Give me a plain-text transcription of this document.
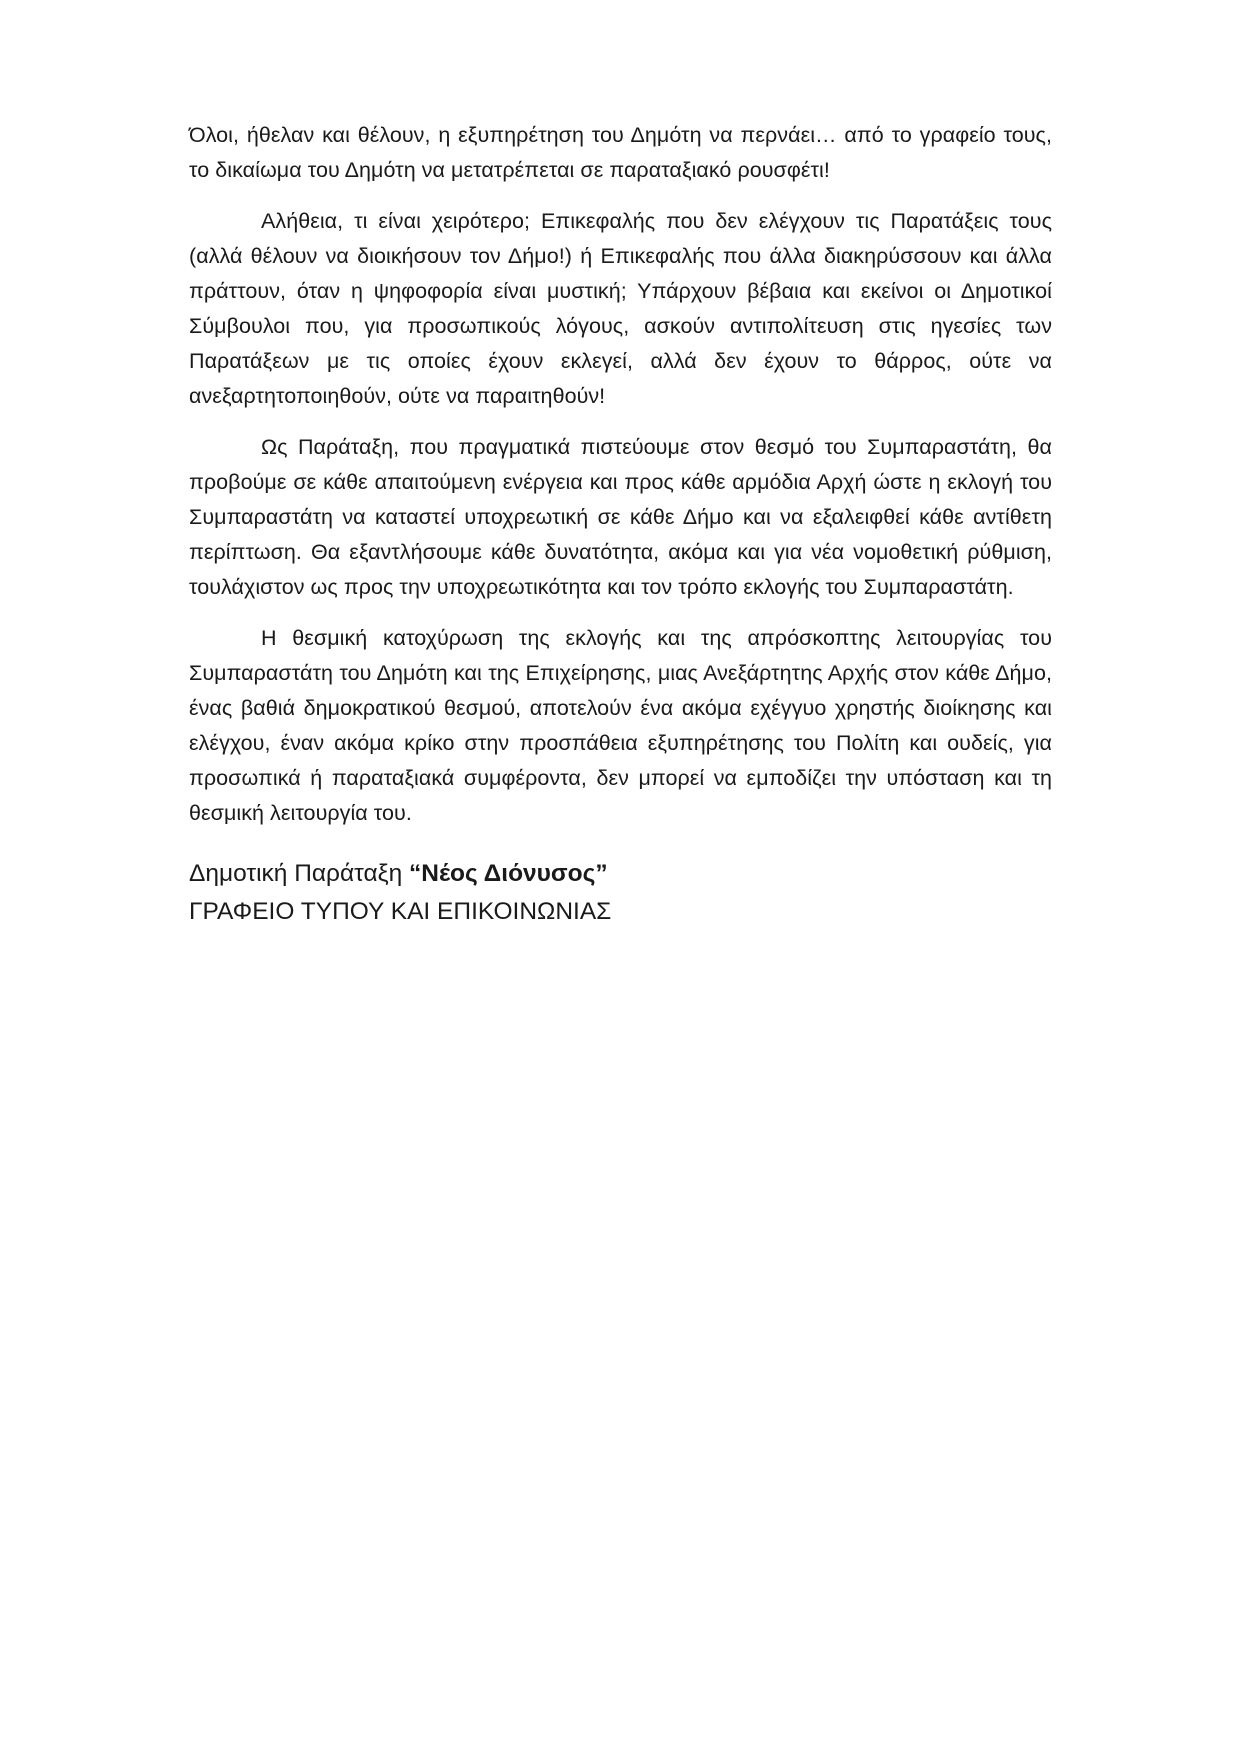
Όλοι, ήθελαν και θέλουν, η εξυπηρέτηση του Δημότη να περνάει… από το γραφείο τους, το δικαίωμα του Δημότη να μετατρέπεται σε παραταξιακό ρουσφέτι!

Αλήθεια, τι είναι χειρότερο; Επικεφαλής που δεν ελέγχουν τις Παρατάξεις τους (αλλά θέλουν να διοικήσουν τον Δήμο!) ή Επικεφαλής που άλλα διακηρύσσουν και άλλα πράττουν, όταν η ψηφοφορία είναι μυστική; Υπάρχουν βέβαια και εκείνοι οι Δημοτικοί Σύμβουλοι που, για προσωπικούς λόγους, ασκούν αντιπολίτευση στις ηγεσίες των Παρατάξεων με τις οποίες έχουν εκλεγεί, αλλά δεν έχουν το θάρρος, ούτε να ανεξαρτητοποιηθούν, ούτε να παραιτηθούν!

Ως Παράταξη, που πραγματικά πιστεύουμε στον θεσμό του Συμπαραστάτη, θα προβούμε σε κάθε απαιτούμενη ενέργεια και προς κάθε αρμόδια Αρχή ώστε η εκλογή του Συμπαραστάτη να καταστεί υποχρεωτική σε κάθε Δήμο και να εξαλειφθεί κάθε αντίθετη περίπτωση. Θα εξαντλήσουμε κάθε δυνατότητα, ακόμα και για νέα νομοθετική ρύθμιση, τουλάχιστον ως προς την υποχρεωτικότητα και τον τρόπο εκλογής του Συμπαραστάτη.

Η θεσμική κατοχύρωση της εκλογής και της απρόσκοπτης λειτουργίας του Συμπαραστάτη του Δημότη και της Επιχείρησης, μιας Ανεξάρτητης Αρχής στον κάθε Δήμο, ένας βαθιά δημοκρατικού θεσμού, αποτελούν ένα ακόμα εχέγγυο χρηστής διοίκησης και ελέγχου, έναν ακόμα κρίκο στην προσπάθεια εξυπηρέτησης του Πολίτη και ουδείς, για προσωπικά ή παραταξιακά συμφέροντα, δεν μπορεί να εμποδίζει την υπόσταση και τη θεσμική λειτουργία του.

Δημοτική Παράταξη “Νέος Διόνυσος”
ΓΡΑΦΕΙΟ ΤΥΠΟΥ ΚΑΙ ΕΠΙΚΟΙΝΩΝΙΑΣ
